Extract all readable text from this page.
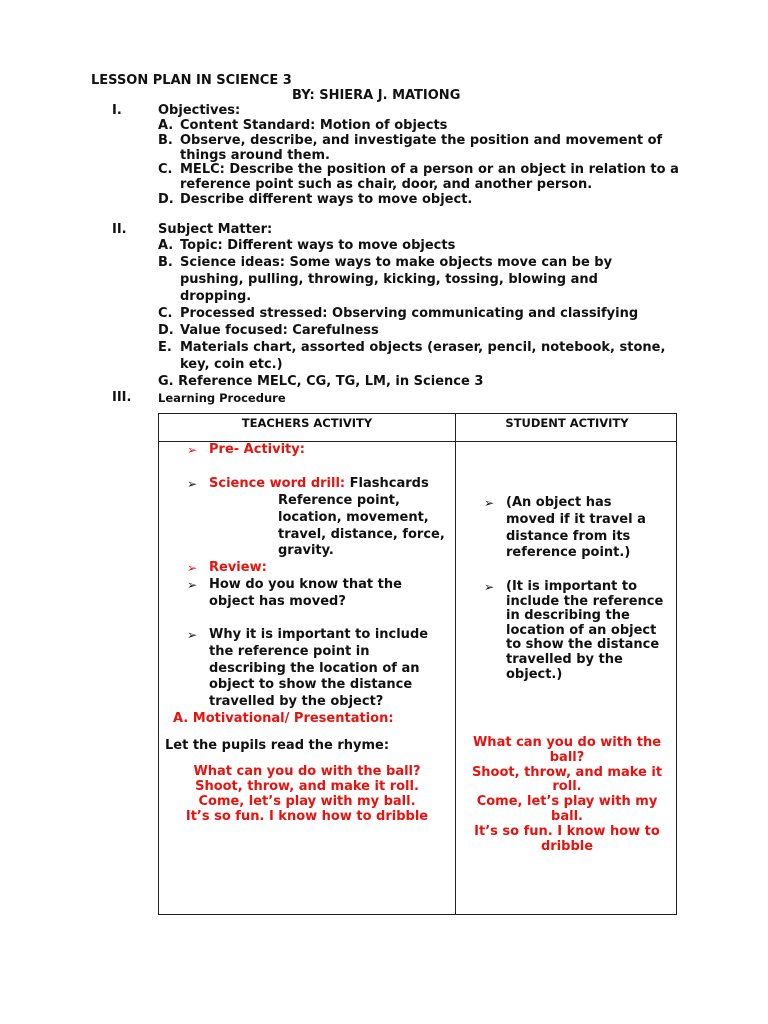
LESSON PLAN IN SCIENCE 3
BY: SHIERA J. MATIONG
I.	Objectives:
A. Content Standard: Motion of objects
B. Observe, describe, and investigate the position and movement of things around them.
C. MELC: Describe the position of a person or an object in relation to a reference point such as chair, door, and another person.
D. Describe different ways to move object.
II. Subject Matter:
A. Topic: Different ways to move objects
B. Science ideas: Some ways to make objects move can be by pushing, pulling, throwing, kicking, tossing, blowing and dropping.
C. Processed stressed: Observing communicating and classifying
D. Value focused: Carefulness
E. Materials chart, assorted objects (eraser, pencil, notebook, stone, key, coin etc.)
G. Reference MELC, CG, TG, LM, in Science 3
III. Learning Procedure
TEACHERS ACTIVITY	STUDENT ACTIVITY
➢ Pre- Activity:
➢ Science word drill: Flashcards
Reference point, location, movement, travel, distance, force, gravity.
➢ Review:
➢ How do you know that the object has moved?
➢ Why it is important to include the reference point in describing the location of an object to show the distance travelled by the object?
A. Motivational/ Presentation:
Let the pupils read the rhyme:
What can you do with the ball?
Shoot, throw, and make it roll.
Come, let’s play with my ball.
It’s so fun. I know how to dribble
➢ (An object has moved if it travel a distance from its reference point.)
➢ (It is important to include the reference in describing the location of an object to show the distance travelled by the object.)
What can you do with the ball?
Shoot, throw, and make it roll.
Come, let’s play with my ball.
It’s so fun. I know how to dribble
